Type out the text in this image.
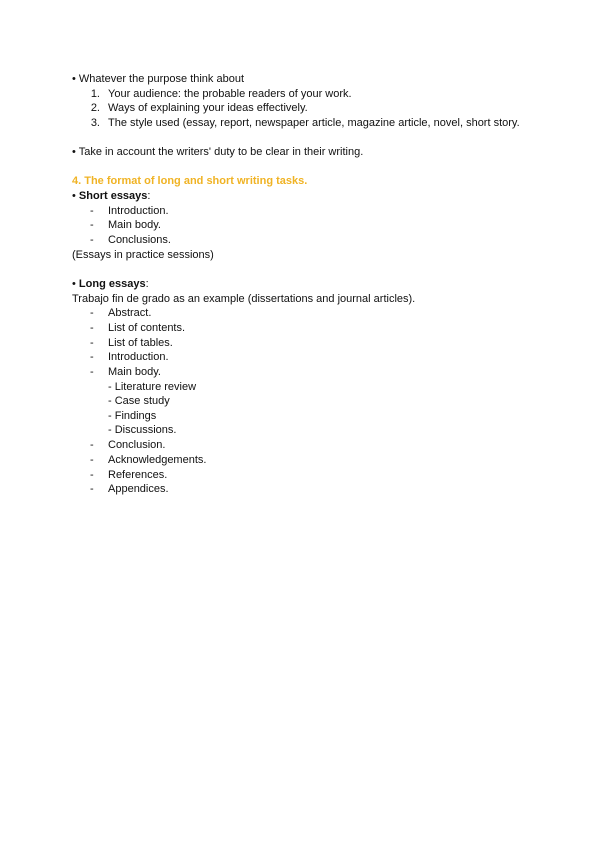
• Whatever the purpose think about
1. Your audience: the probable readers of your work.
2. Ways of explaining your ideas effectively.
3. The style used (essay, report, newspaper article, magazine article, novel, short story.
• Take in account the writers' duty to be clear in their writing.
4. The format of long and short writing tasks.
• Short essays:
- Introduction.
- Main body.
- Conclusions.
(Essays in practice sessions)
• Long essays:
Trabajo fin de grado as an example (dissertations and journal articles).
- Abstract.
- List of contents.
- List of tables.
- Introduction.
- Main body.
- Literature review
- Case study
- Findings
- Discussions.
- Conclusion.
- Acknowledgements.
- References.
- Appendices.
